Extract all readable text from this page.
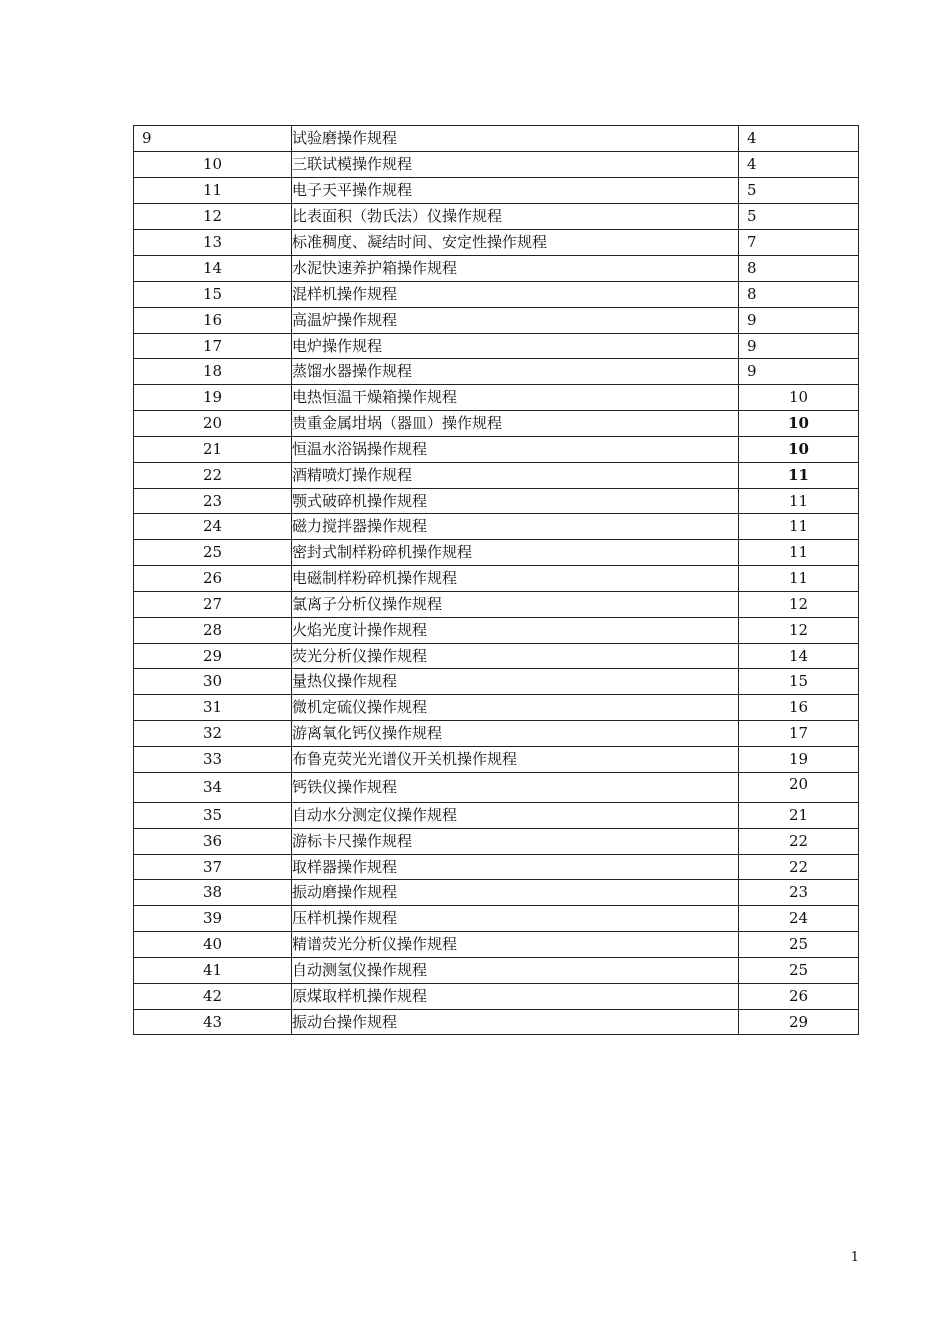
9	试验磨操作规程	4
10	三联试模操作规程	4
11	电子天平操作规程	5
12	比表面积（勃氏法）仪操作规程	5
13	标准稠度、凝结时间、安定性操作规程	7
14	水泥快速养护箱操作规程	8
15	混样机操作规程	8
16	高温炉操作规程	9
17	电炉操作规程	9
18	蒸馏水器操作规程	9
19	电热恒温干燥箱操作规程	10
20	贵重金属坩埚（器皿）操作规程	10
21	恒温水浴锅操作规程	10
22	酒精喷灯操作规程	11
23	颚式破碎机操作规程	11
24	磁力搅拌器操作规程	11
25	密封式制样粉碎机操作规程	11
26	电磁制样粉碎机操作规程	11
27	氯离子分析仪操作规程	12
28	火焰光度计操作规程	12
29	荧光分析仪操作规程	14
30	量热仪操作规程	15
31	微机定硫仪操作规程	16
32	游离氧化钙仪操作规程	17
33	布鲁克荧光光谱仪开关机操作规程	19
34	钙铁仪操作规程	20
35	自动水分测定仪操作规程	21
36	游标卡尺操作规程	22
37	取样器操作规程	22
38	振动磨操作规程	23
39	压样机操作规程	24
40	精谱荧光分析仪操作规程	25
41	自动测氢仪操作规程	25
42	原煤取样机操作规程	26
43	振动台操作规程	29
1
